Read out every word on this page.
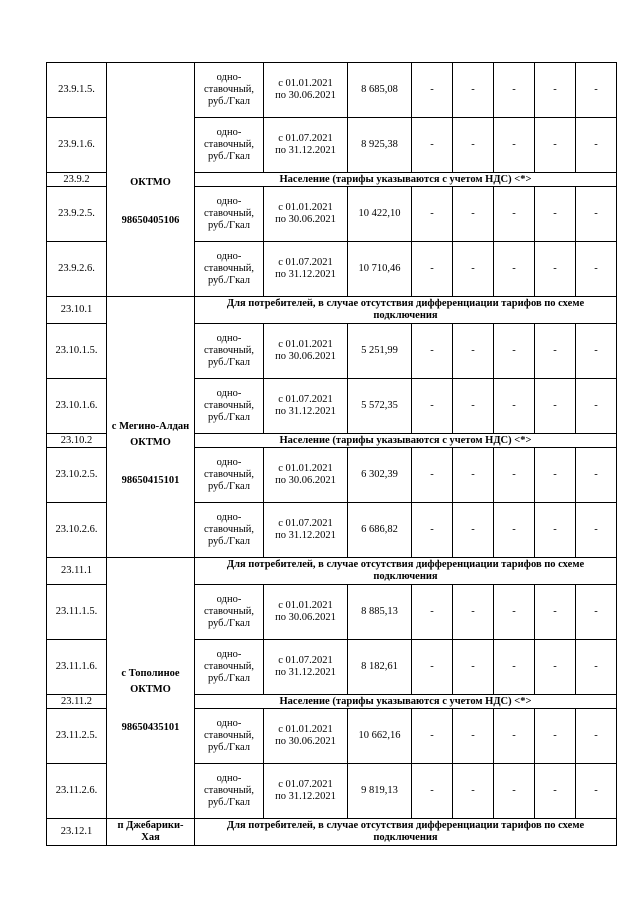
23.9.1.5.	ОКТМО
98650405106	одно-
ставочный,
руб./Гкал	с 01.01.2021
по 30.06.2021	8 685,08	-	-	-	-	-
23.9.1.6.		одно-
ставочный,
руб./Гкал	с 01.07.2021
по 31.12.2021	8 925,38	-	-	-	-	-
23.9.2		Население (тарифы указываются с учетом НДС) <*>							
23.9.2.5.		одно-
ставочный,
руб./Гкал	с 01.01.2021
по 30.06.2021	10 422,10	-	-	-	-	-
23.9.2.6.		одно-
ставочный,
руб./Гкал	с 01.07.2021
по 31.12.2021	10 710,46	-	-	-	-	-
23.10.1	с Мегино-Алдан
ОКТМО
98650415101	Для потребителей, в случае отсутствия дифференциации тарифов по схеме подключения							
23.10.1.5.		одно-
ставочный,
руб./Гкал	с 01.01.2021
по 30.06.2021	5 251,99	-	-	-	-	-
23.10.1.6.		одно-
ставочный,
руб./Гкал	с 01.07.2021
по 31.12.2021	5 572,35	-	-	-	-	-
23.10.2		Население (тарифы указываются с учетом НДС) <*>							
23.10.2.5.		одно-
ставочный,
руб./Гкал	с 01.01.2021
по 30.06.2021	6 302,39	-	-	-	-	-
23.10.2.6.		одно-
ставочный,
руб./Гкал	с 01.07.2021
по 31.12.2021	6 686,82	-	-	-	-	-
23.11.1	с Тополиное
ОКТМО
98650435101	Для потребителей, в случае отсутствия дифференциации тарифов по схеме подключения							
23.11.1.5.		одно-
ставочный,
руб./Гкал	с 01.01.2021
по 30.06.2021	8 885,13	-	-	-	-	-
23.11.1.6.		одно-
ставочный,
руб./Гкал	с 01.07.2021
по 31.12.2021	8 182,61	-	-	-	-	-
23.11.2		Население (тарифы указываются с учетом НДС) <*>							
23.11.2.5.		одно-
ставочный,
руб./Гкал	с 01.01.2021
по 30.06.2021	10 662,16	-	-	-	-	-
23.11.2.6.		одно-
ставочный,
руб./Гкал	с 01.07.2021
по 31.12.2021	9 819,13	-	-	-	-	-
23.12.1	п Джебарики-Хая	Для потребителей, в случае отсутствия дифференциации тарифов по схеме подключения							
